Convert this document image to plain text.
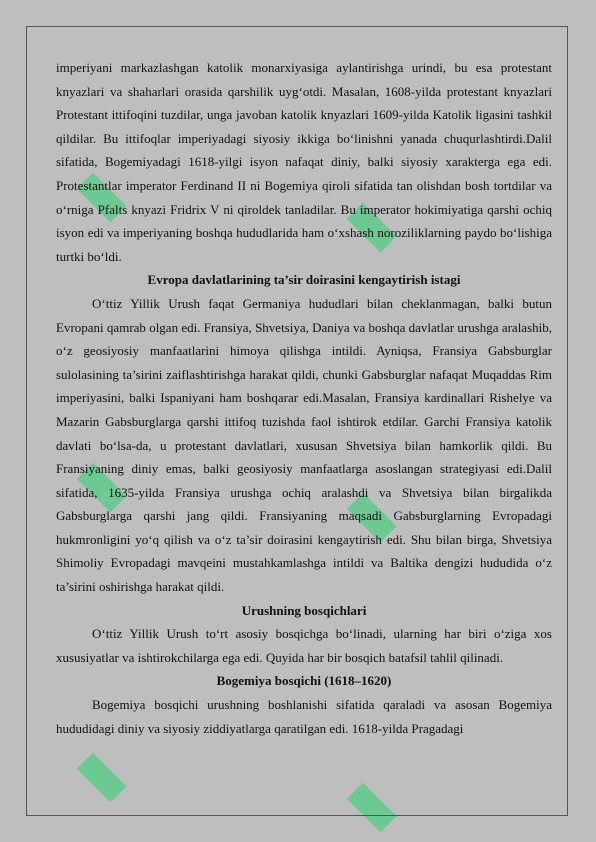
▮	▮
▮	▮
▮	▮

imperiyani markazlashgan katolik monarxiyasiga aylantirishga urindi, bu esa protestant knyazlari va shaharlari orasida qarshilik uyg‘otdi. Masalan, 1608-yilda protestant knyazlari Protestant ittifoqini tuzdilar, unga javoban katolik knyazlari 1609-yilda Katolik ligasini tashkil qildilar. Bu ittifoqlar imperiyadagi siyosiy ikkiga bo‘linishni yanada chuqurlashtirdi.Dalil sifatida, Bogemiyadagi 1618-yilgi isyon nafaqat diniy, balki siyosiy xarakterga ega edi. Protestantlar imperator Ferdinand II ni Bogemiya qiroli sifatida tan olishdan bosh tortdilar va o‘rniga Pfalts knyazi Fridrix V ni qiroldek tanladilar. Bu imperator hokimiyatiga qarshi ochiq isyon edi va imperiyaning boshqa hududlarida ham o‘xshash noroziliklarning paydo bo‘lishiga turtki bo‘ldi.

Evropa davlatlarining ta’sir doirasini kengaytirish istagi

O‘ttiz Yillik Urush faqat Germaniya hududlari bilan cheklanmagan, balki butun Evropani qamrab olgan edi. Fransiya, Shvetsiya, Daniya va boshqa davlatlar urushga aralashib, o‘z geosiyosiy manfaatlarini himoya qilishga intildi. Ayniqsa, Fransiya Gabsburglar sulolasining ta’sirini zaiflashtirishga harakat qildi, chunki Gabsburglar nafaqat Muqaddas Rim imperiyasini, balki Ispaniyani ham boshqarar edi.Masalan, Fransiya kardinallari Rishelye va Mazarin Gabsburglarga qarshi ittifoq tuzishda faol ishtirok etdilar. Garchi Fransiya katolik davlati bo‘lsa-da, u protestant davlatlari, xususan Shvetsiya bilan hamkorlik qildi. Bu Fransiyaning diniy emas, balki geosiyosiy manfaatlarga asoslangan strategiyasi edi.Dalil sifatida, 1635-yilda Fransiya urushga ochiq aralashdi va Shvetsiya bilan birgalikda Gabsburglarga qarshi jang qildi. Fransiyaning maqsadi Gabsburglarning Evropadagi hukmronligini yo‘q qilish va o‘z ta’sir doirasini kengaytirish edi. Shu bilan birga, Shvetsiya Shimoliy Evropadagi mavqeini mustahkamlashga intildi va Baltika dengizi hududida o‘z ta’sirini oshirishga harakat qildi.

Urushning bosqichlari

O‘ttiz Yillik Urush to‘rt asosiy bosqichga bo‘linadi, ularning har biri o‘ziga xos xususiyatlar va ishtirokchilarga ega edi. Quyida har bir bosqich batafsil tahlil qilinadi.

Bogemiya bosqichi (1618–1620)

Bogemiya bosqichi urushning boshlanishi sifatida qaraladi va asosan Bogemiya hududidagi diniy va siyosiy ziddiyatlarga qaratilgan edi. 1618-yilda Pragadagi
